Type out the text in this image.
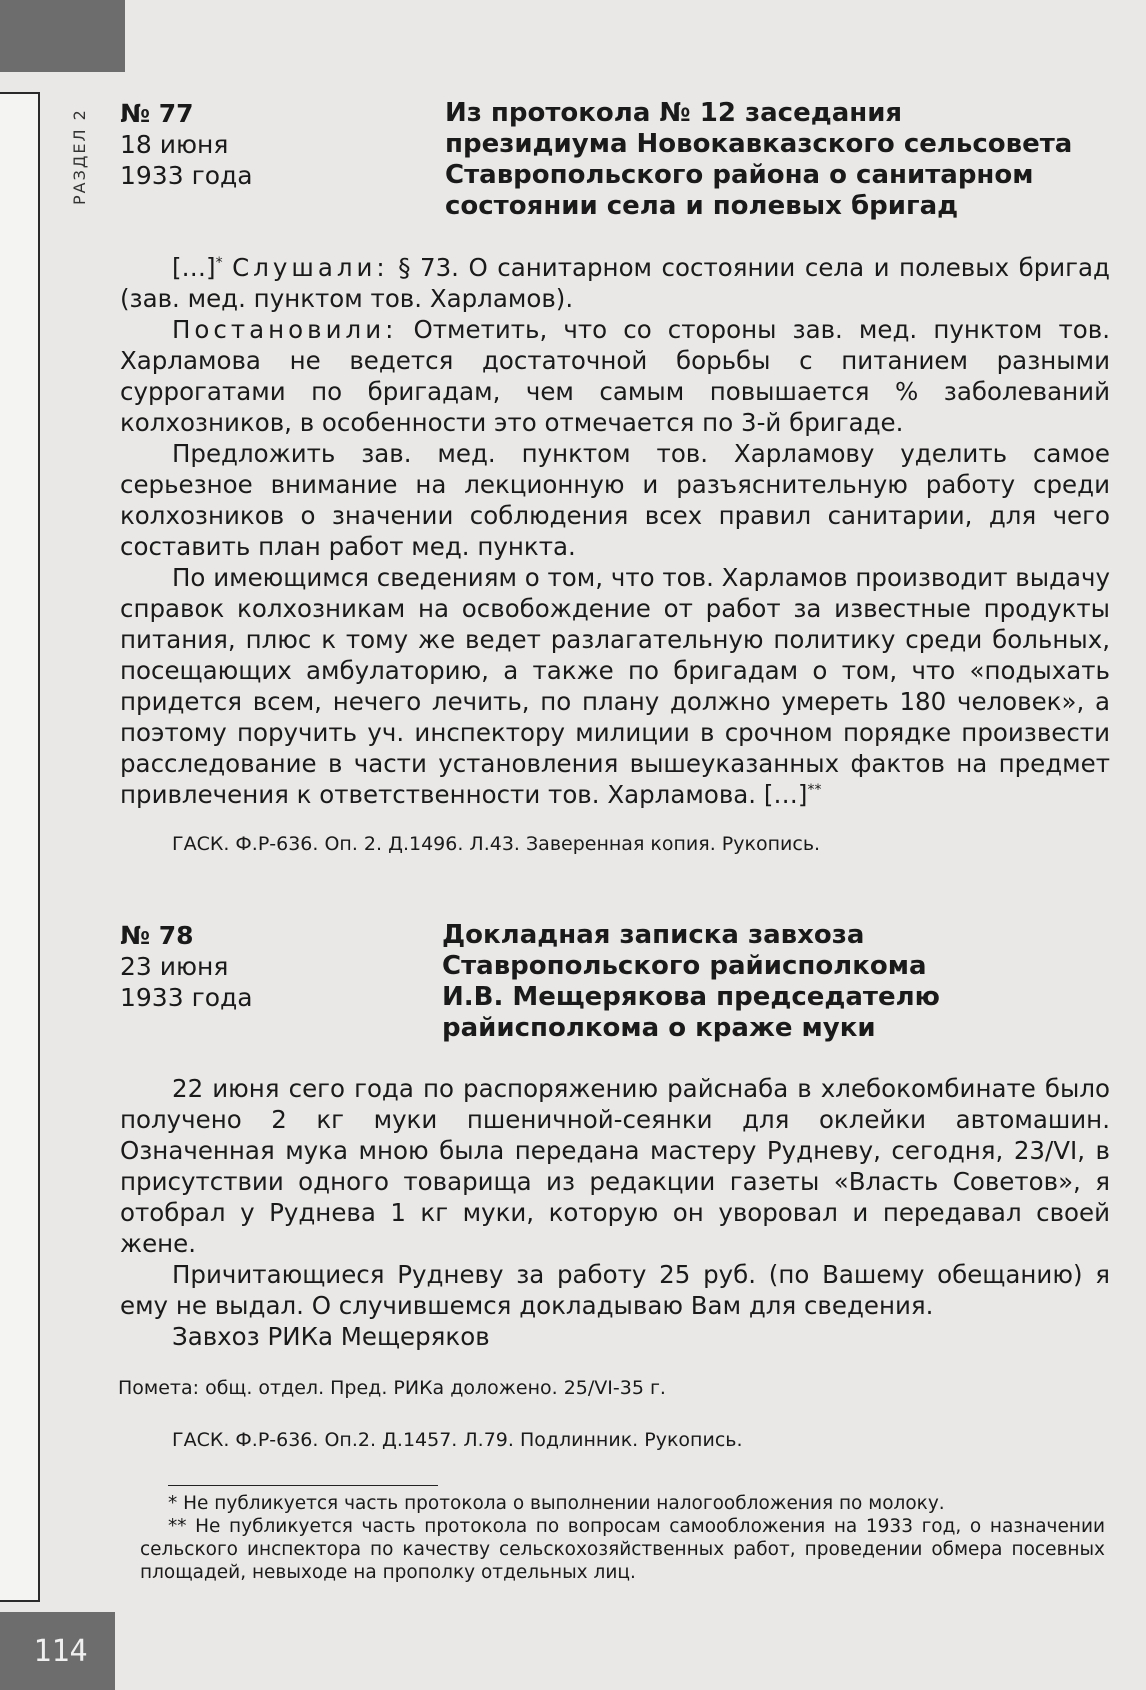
РАЗДЕЛ 2 № 77
18 июня
1933 года
Из протокола № 12 заседания
президиума Новокавказского сельсовета
Ставропольского района о санитарном
состоянии села и полевых бригад

[…]* Слушали: § 73. О санитарном состоянии села и полевых бригад (зав. мед. пунктом тов. Харламов).

Постановили: Отметить, что со стороны зав. мед. пунктом тов. Харламова не ведется достаточной борьбы с питанием разными суррогатами по бригадам, чем самым повышается % заболеваний колхозников, в особенности это отмечается по 3-й бригаде.

Предложить зав. мед. пунктом тов. Харламову уделить самое серьезное внимание на лекционную и разъяснительную работу среди колхозников о значении соблюдения всех правил санитарии, для чего составить план работ мед. пункта.

По имеющимся сведениям о том, что тов. Харламов производит выдачу справок колхозникам на освобождение от работ за известные продукты питания, плюс к тому же ведет разлагательную политику среди больных, посещающих амбулаторию, а также по бригадам о том, что «подыхать придется всем, нечего лечить, по плану должно умереть 180 человек», а поэтому поручить уч. инспектору милиции в срочном порядке произвести расследование в части установления вышеуказанных фактов на предмет привлечения к ответственности тов. Харламова. […]**

ГАСК. Ф.Р-636. Оп. 2. Д.1496. Л.43. Заверенная копия. Рукопись.
№ 78
23 июня
1933 года
Докладная записка завхоза
Ставропольского райисполкома
И.В. Мещерякова председателю
райисполкома о краже муки

22 июня сего года по распоряжению райснаба в хлебокомбинате было получено 2 кг муки пшеничной-сеянки для оклейки автомашин. Означенная мука мною была передана мастеру Рудневу, сегодня, 23/VI, в присутствии одного товарища из редакции газеты «Власть Советов», я отобрал у Руднева 1 кг муки, которую он уворовал и передавал своей жене.

Причитающиеся Рудневу за работу 25 руб. (по Вашему обещанию) я ему не выдал. О случившемся докладываю Вам для сведения.

Завхоз РИКа Мещеряков

Помета: общ. отдел. Пред. РИКа доложено. 25/VI-35 г.
ГАСК. Ф.Р-636. Оп.2. Д.1457. Л.79. Подлинник. Рукопись.

* Не публикуется часть протокола о выполнении налогообложения по молоку.

** Не публикуется часть протокола по вопросам самообложения на 1933 год, о назначении сельского инспектора по качеству сельскохозяйственных работ, проведении обмера посевных площадей, невыходе на прополку отдельных лиц.

114
